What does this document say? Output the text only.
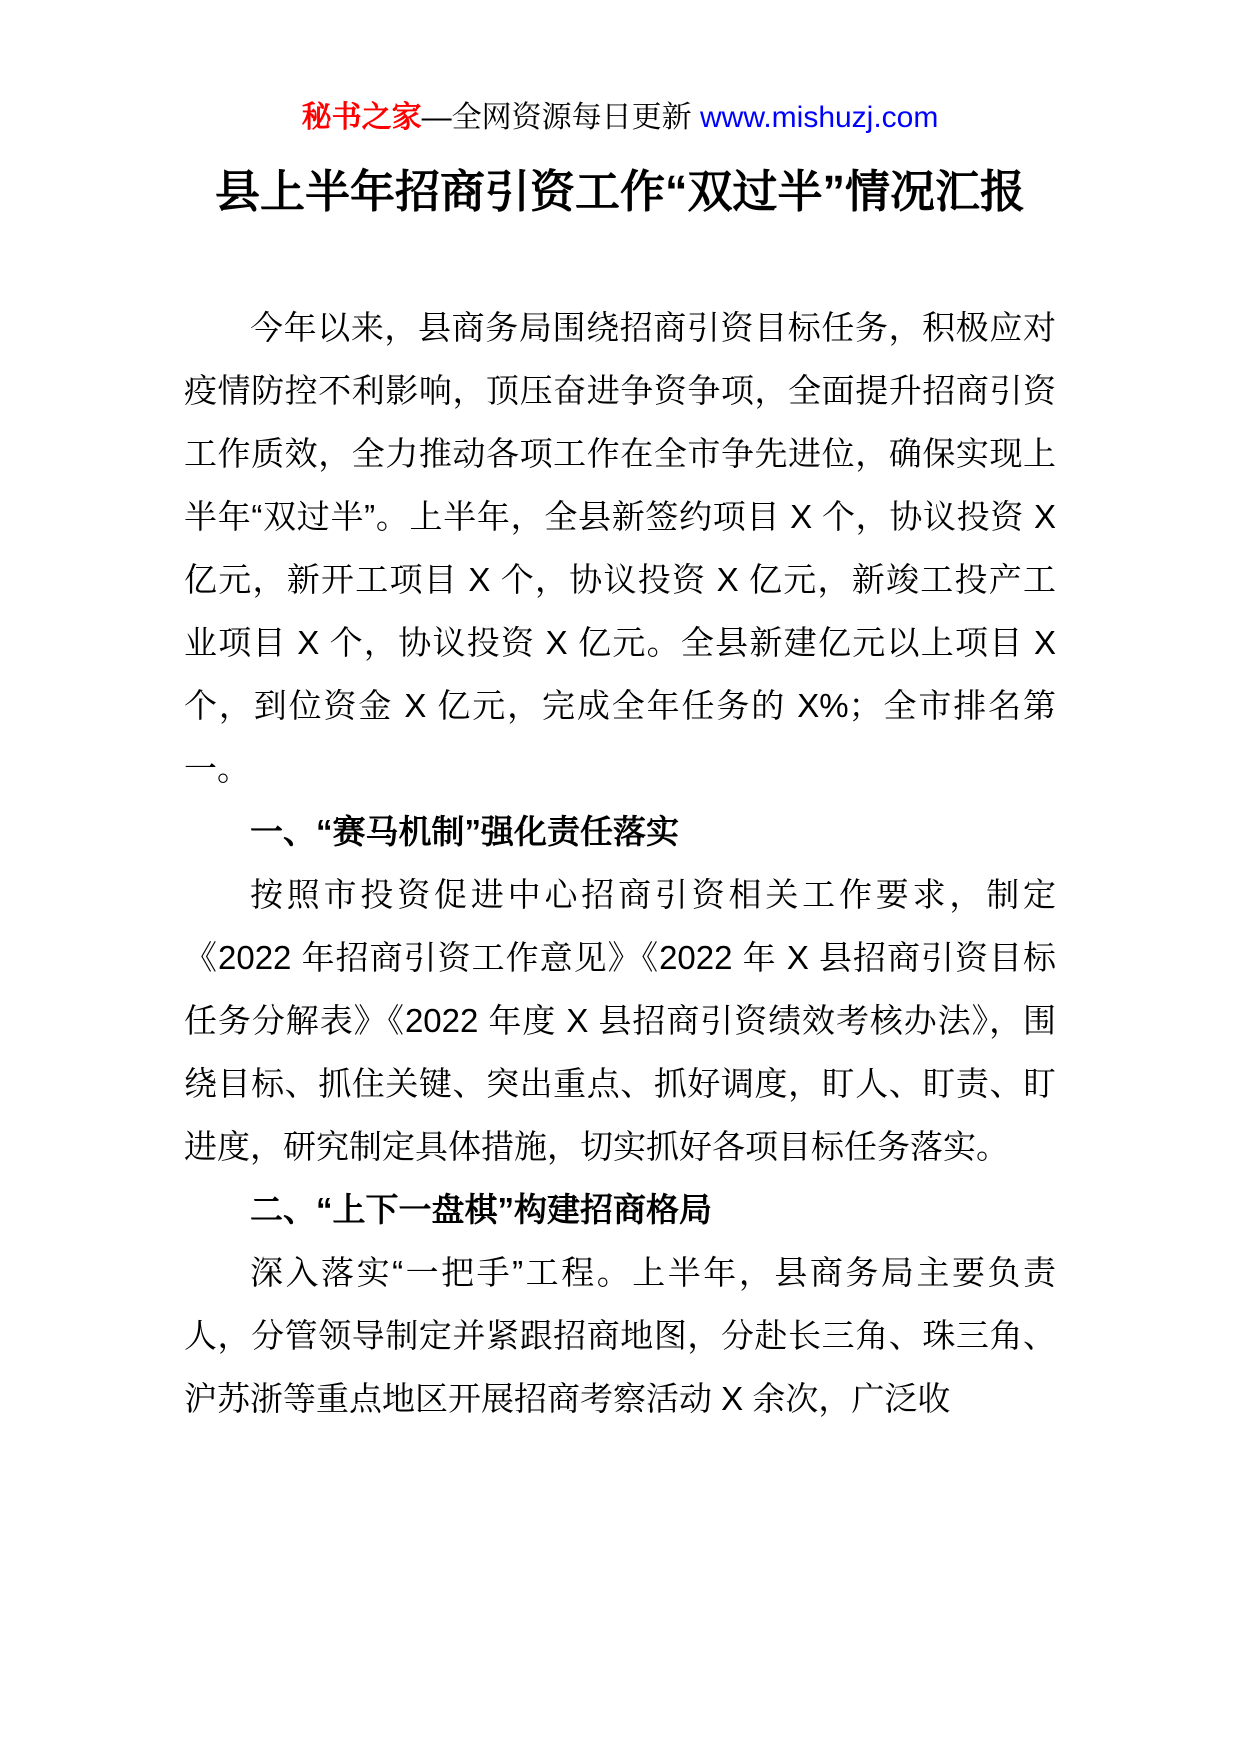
秘书之家—全网资源每日更新 www.mishuzj.com
县上半年招商引资工作“双过半”情况汇报

今年以来，县商务局围绕招商引资目标任务，积极应对疫情防控不利影响，顶压奋进争资争项，全面提升招商引资工作质效，全力推动各项工作在全市争先进位，确保实现上半年“双过半”。上半年，全县新签约项目 X 个，协议投资 X 亿元，新开工项目 X 个，协议投资 X 亿元，新竣工投产工业项目 X 个，协议投资 X 亿元。全县新建亿元以上项目 X 个，到位资金 X 亿元，完成全年任务的 X%；全市排名第一。

一、“赛马机制”强化责任落实

按照市投资促进中心招商引资相关工作要求，制定《2022 年招商引资工作意见》《2022 年 X 县招商引资目标任务分解表》《2022 年度 X 县招商引资绩效考核办法》，围绕目标、抓住关键、突出重点、抓好调度，盯人、盯责、盯进度，研究制定具体措施，切实抓好各项目标任务落实。

二、“上下一盘棋”构建招商格局

深入落实“一把手”工程。上半年，县商务局主要负责人，分管领导制定并紧跟招商地图，分赴长三角、珠三角、沪苏浙等重点地区开展招商考察活动 X 余次，广泛收
